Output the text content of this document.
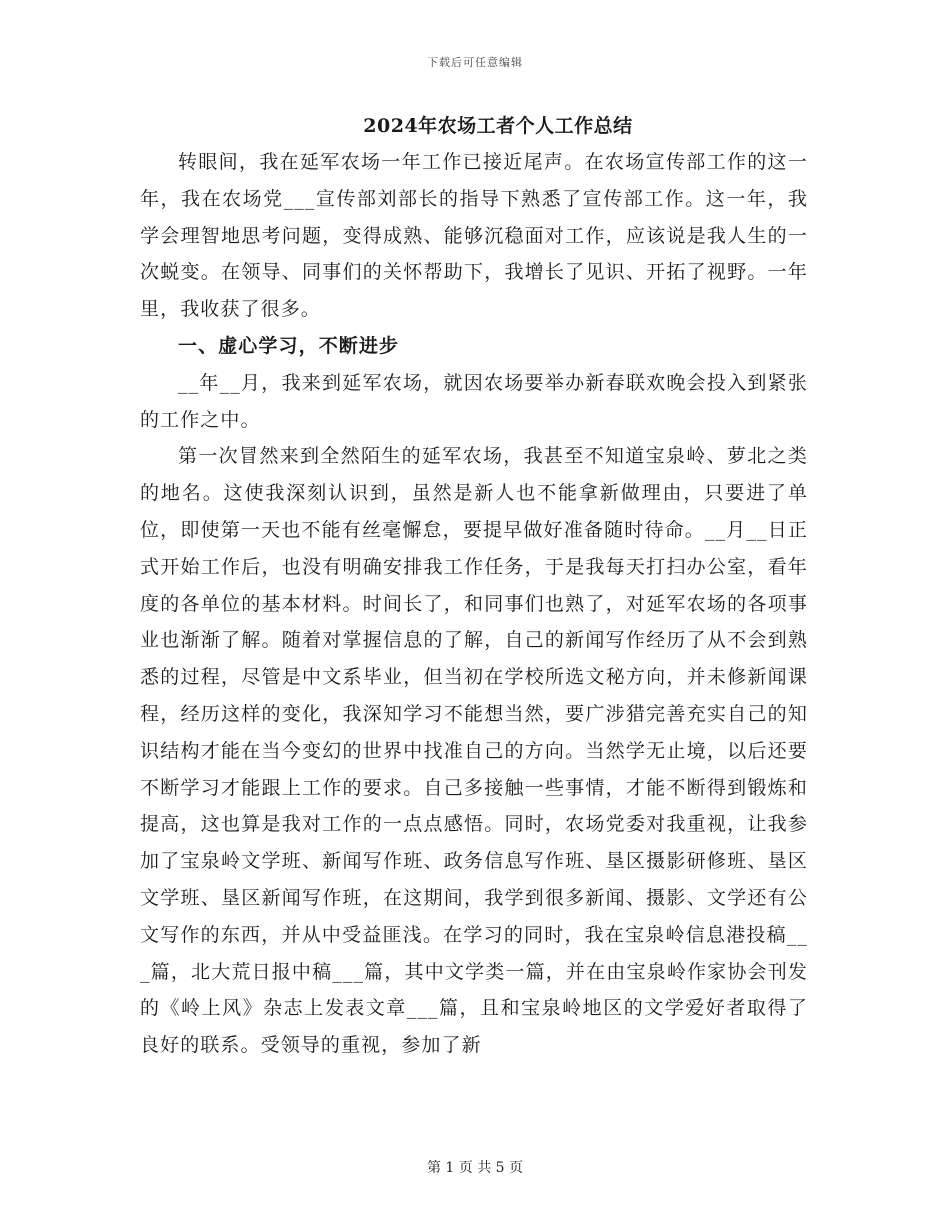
下载后可任意编辑
2024年农场工者个人工作总结

转眼间，我在延军农场一年工作已接近尾声。在农场宣传部工作的这一年，我在农场党___宣传部刘部长的指导下熟悉了宣传部工作。这一年，我学会理智地思考问题，变得成熟、能够沉稳面对工作，应该说是我人生的一次蜕变。在领导、同事们的关怀帮助下，我增长了见识、开拓了视野。一年里，我收获了很多。

一、虚心学习，不断进步

__年__月，我来到延军农场，就因农场要举办新春联欢晚会投入到紧张的工作之中。

第一次冒然来到全然陌生的延军农场，我甚至不知道宝泉岭、萝北之类的地名。这使我深刻认识到，虽然是新人也不能拿新做理由，只要进了单位，即使第一天也不能有丝毫懈怠，要提早做好准备随时待命。__月__日正式开始工作后，也没有明确安排我工作任务，于是我每天打扫办公室，看年度的各单位的基本材料。时间长了，和同事们也熟了，对延军农场的各项事业也渐渐了解。随着对掌握信息的了解，自己的新闻写作经历了从不会到熟悉的过程，尽管是中文系毕业，但当初在学校所选文秘方向，并未修新闻课程，经历这样的变化，我深知学习不能想当然，要广涉猎完善充实自己的知识结构才能在当今变幻的世界中找准自己的方向。当然学无止境，以后还要不断学习才能跟上工作的要求。自己多接触一些事情，才能不断得到锻炼和提高，这也算是我对工作的一点点感悟。同时，农场党委对我重视，让我参加了宝泉岭文学班、新闻写作班、政务信息写作班、垦区摄影研修班、垦区文学班、垦区新闻写作班，在这期间，我学到很多新闻、摄影、文学还有公文写作的东西，并从中受益匪浅。在学习的同时，我在宝泉岭信息港投稿___篇，北大荒日报中稿___篇，其中文学类一篇，并在由宝泉岭作家协会刊发的《岭上风》杂志上发表文章___篇，且和宝泉岭地区的文学爱好者取得了良好的联系。受领导的重视，参加了新

第 1 页 共 5 页
